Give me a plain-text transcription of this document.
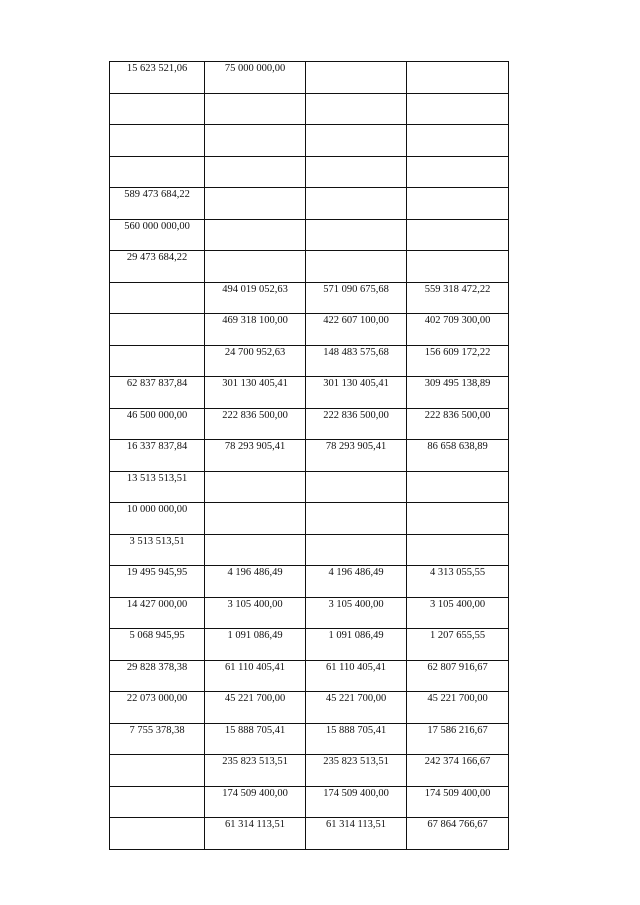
15 623 521,06	75 000 000,00		

589 473 684,22			
560 000 000,00			
29 473 684,22			
	494 019 052,63	571 090 675,68	559 318 472,22
	469 318 100,00	422 607 100,00	402 709 300,00
	24 700 952,63	148 483 575,68	156 609 172,22
62 837 837,84	301 130 405,41	301 130 405,41	309 495 138,89
46 500 000,00	222 836 500,00	222 836 500,00	222 836 500,00
16 337 837,84	78 293 905,41	78 293 905,41	86 658 638,89
13 513 513,51			
10 000 000,00			
3 513 513,51			
19 495 945,95	4 196 486,49	4 196 486,49	4 313 055,55
14 427 000,00	3 105 400,00	3 105 400,00	3 105 400,00
5 068 945,95	1 091 086,49	1 091 086,49	1 207 655,55
29 828 378,38	61 110 405,41	61 110 405,41	62 807 916,67
22 073 000,00	45 221 700,00	45 221 700,00	45 221 700,00
7 755 378,38	15 888 705,41	15 888 705,41	17 586 216,67
	235 823 513,51	235 823 513,51	242 374 166,67
	174 509 400,00	174 509 400,00	174 509 400,00
	61 314 113,51	61 314 113,51	67 864 766,67
